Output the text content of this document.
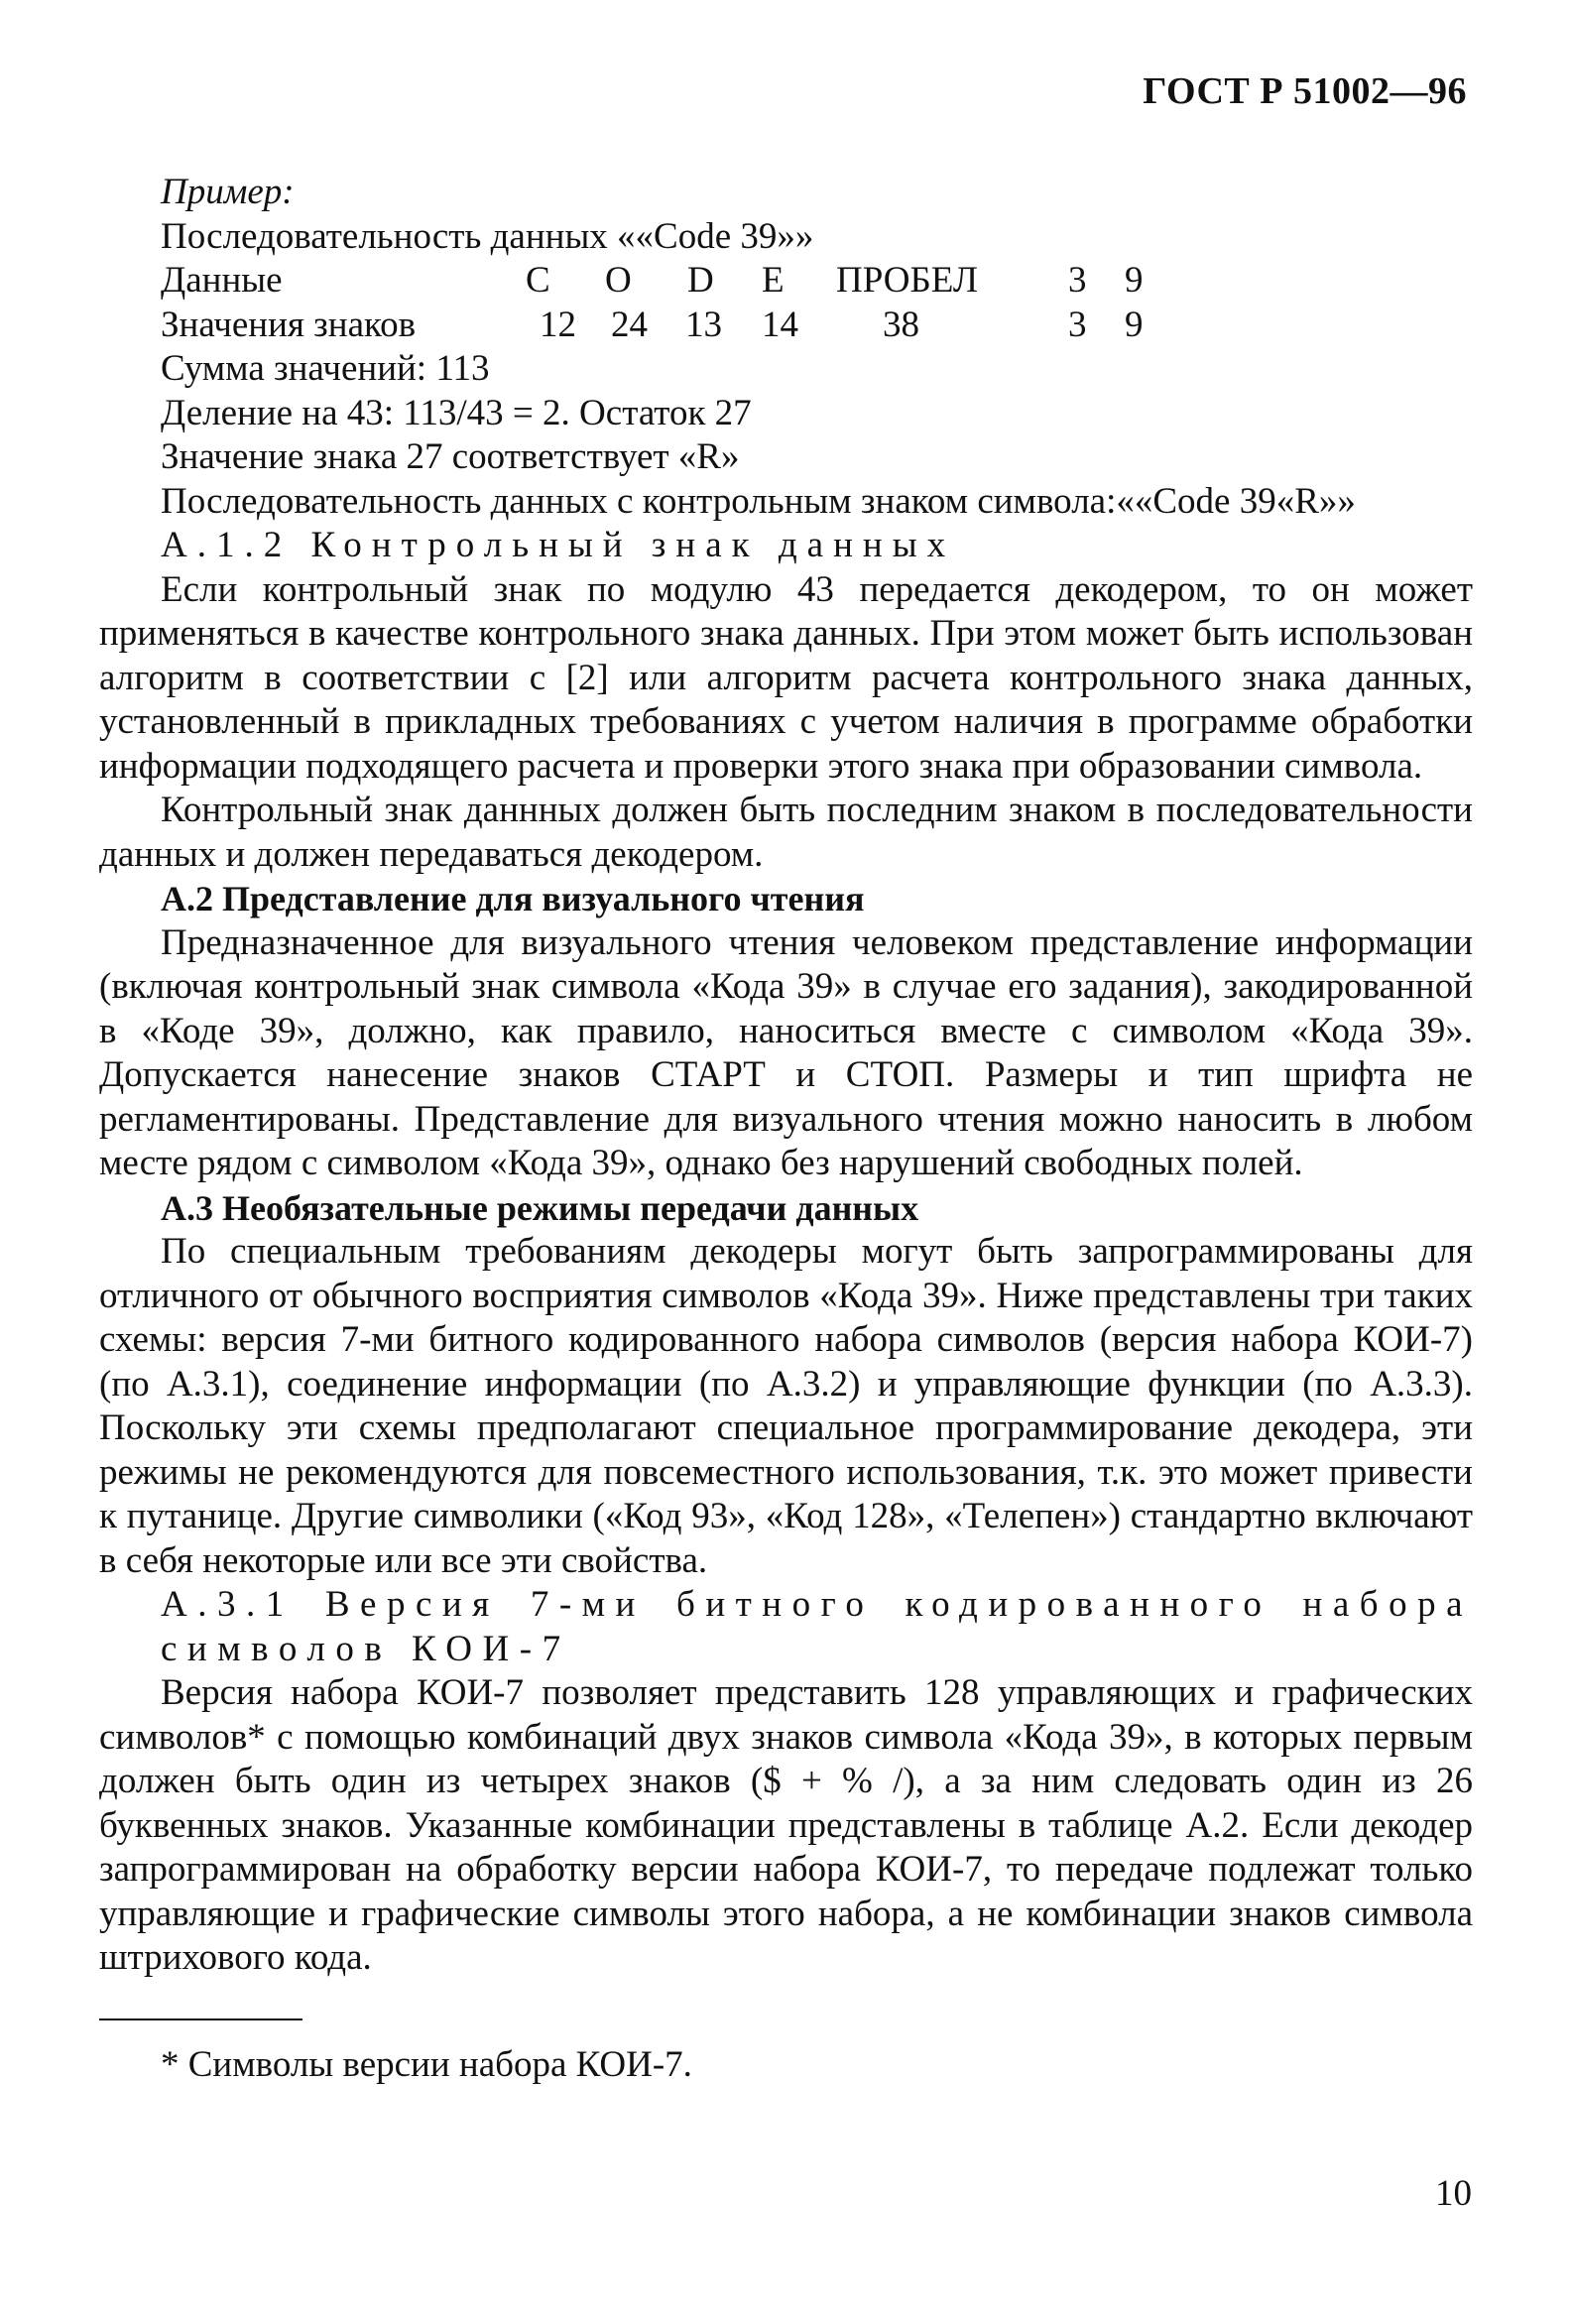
ГОСТ Р 51002—96
Пример:
Последовательность данных ««Code 39»»
Данные	C O D E ПРОБЕЛ 3 9
Значения знаков	12 24 13 14 38	3 9
Сумма значений: 113
Деление на 43: 113/43 = 2. Остаток 27
Значение знака 27 соответствует «R»
Последовательность данных с контрольным знаком символа:««Code 39«R»»
А.1.2 Контрольный знак данных

Если контрольный знак по модулю 43 передается декодером, то он может применяться в качестве контрольного знака данных. При этом может быть использован алгоритм в соответствии с [2] или алгоритм расчета контрольного знака данных, установленный в прикладных требованиях с учетом наличия в программе обработки информации подходящего расчета и проверки этого знака при образовании символа.

Контрольный знак даннных должен быть последним знаком в последовательности данных и должен передаваться декодером.

А.2 Представление для визуального чтения

Предназначенное для визуального чтения человеком представление информации (включая контрольный знак символа «Кода 39» в случае его задания), закодированной в «Коде 39», должно, как правило, наноситься вместе с символом «Кода 39». Допускается нанесение знаков СТАРТ и СТОП. Размеры и тип шрифта не регламентированы. Представление для визуального чтения можно наносить в любом месте рядом с символом «Кода 39», однако без нарушений свободных полей.

А.3 Необязательные режимы передачи данных

По специальным требованиям декодеры могут быть запрограммированы для отличного от обычного восприятия символов «Кода 39». Ниже представлены три таких схемы: версия 7-ми битного кодированного набора символов (версия набора КОИ-7) (по А.3.1), соединение информации (по А.3.2) и управляющие функции (по А.3.3). Поскольку эти схемы предполагают специальное программирование декодера, эти режимы не рекомендуются для повсеместного использования, т.к. это может привести к путанице. Другие символики («Код 93», «Код 128», «Телепен») стандартно включают в себя некоторые или все эти свойства.

А.3.1 Версия 7-ми битного кодированного набора символов КОИ-7

Версия набора КОИ-7 позволяет представить 128 управляющих и графических символов* с помощью комбинаций двух знаков символа «Кода 39», в которых первым должен быть один из четырех знаков ($ + % /), а за ним следовать один из 26 буквенных знаков. Указанные комбинации представлены в таблице А.2. Если декодер запрограммирован на обработку версии набора КОИ-7, то передаче подлежат только управляющие и графические символы этого набора, а не комбинации знаков символа штрихового кода.

* Символы версии набора КОИ-7.
10
